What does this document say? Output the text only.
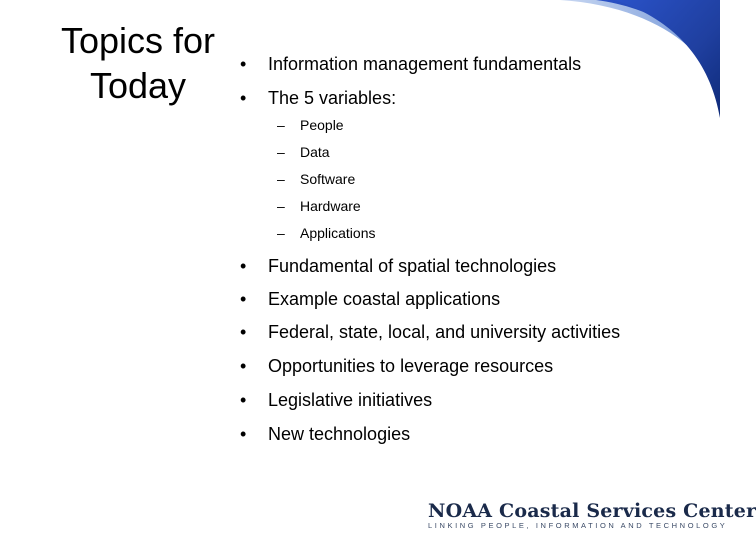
Topics for Today
• Information management fundamentals
• The 5 variables:
– People
– Data
– Software
– Hardware
– Applications
• Fundamental of spatial technologies
• Example coastal applications
• Federal, state, local, and university activities
• Opportunities to leverage resources
• Legislative initiatives
• New technologies
NOAA Coastal Services Center
LINKING PEOPLE, INFORMATION AND TECHNOLOGY
